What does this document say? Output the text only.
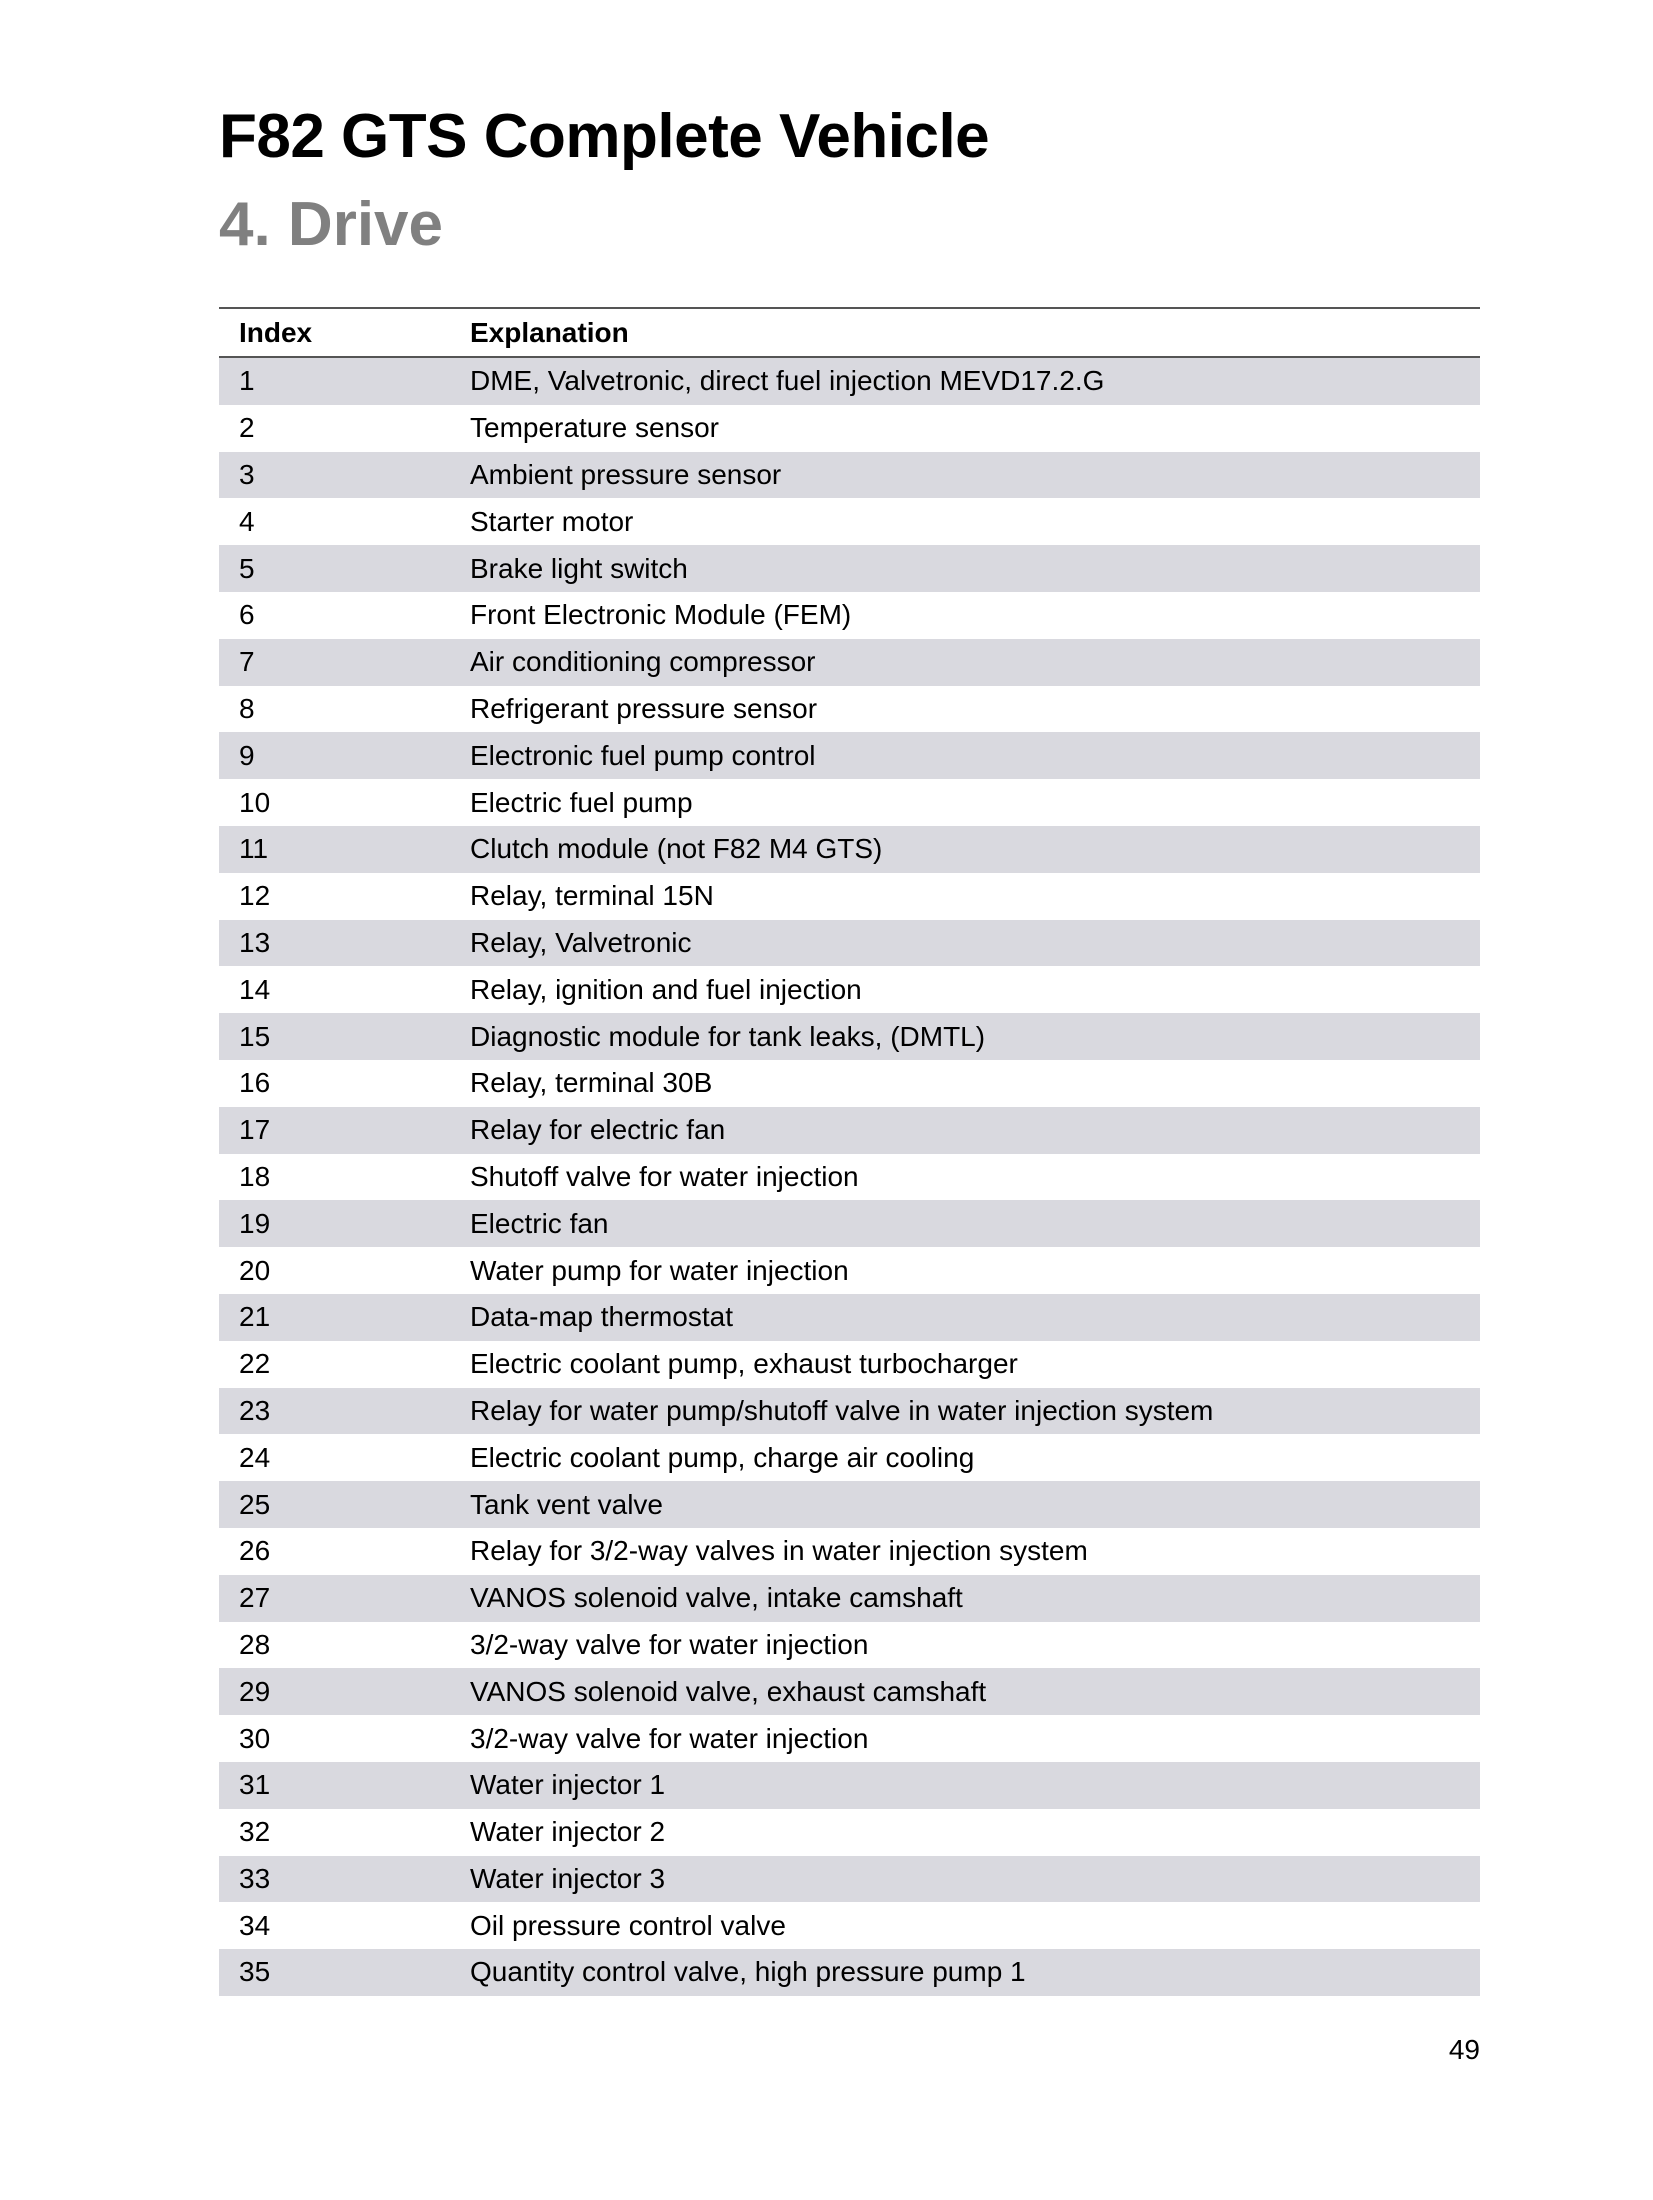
F82 GTS Complete Vehicle
4. Drive
Index	Explanation
1	DME, Valvetronic, direct fuel injection MEVD17.2.G
2	Temperature sensor
3	Ambient pressure sensor
4	Starter motor
5	Brake light switch
6	Front Electronic Module (FEM)
7	Air conditioning compressor
8	Refrigerant pressure sensor
9	Electronic fuel pump control
10	Electric fuel pump
11	Clutch module (not F82 M4 GTS)
12	Relay, terminal 15N
13	Relay, Valvetronic
14	Relay, ignition and fuel injection
15	Diagnostic module for tank leaks, (DMTL)
16	Relay, terminal 30B
17	Relay for electric fan
18	Shutoff valve for water injection
19	Electric fan
20	Water pump for water injection
21	Data-map thermostat
22	Electric coolant pump, exhaust turbocharger
23	Relay for water pump/shutoff valve in water injection system
24	Electric coolant pump, charge air cooling
25	Tank vent valve
26	Relay for 3/2-way valves in water injection system
27	VANOS solenoid valve, intake camshaft
28	3/2-way valve for water injection
29	VANOS solenoid valve, exhaust camshaft
30	3/2-way valve for water injection
31	Water injector 1
32	Water injector 2
33	Water injector 3
34	Oil pressure control valve
35	Quantity control valve, high pressure pump 1
49
